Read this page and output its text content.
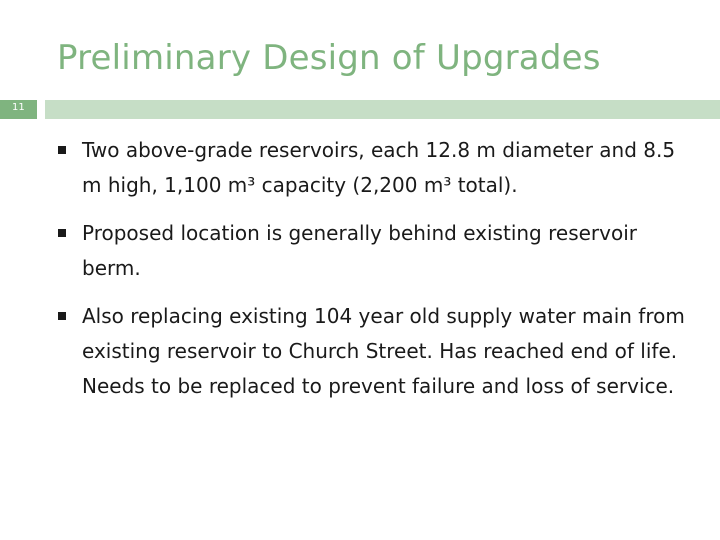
Preliminary Design of Upgrades
11
Two above-grade reservoirs, each 12.8 m diameter and 8.5 m high, 1,100 m³ capacity (2,200 m³ total).
Proposed location is generally behind existing reservoir berm.
Also replacing existing 104 year old supply water main from existing reservoir to Church Street. Has reached end of life. Needs to be replaced to prevent failure and loss of service.
